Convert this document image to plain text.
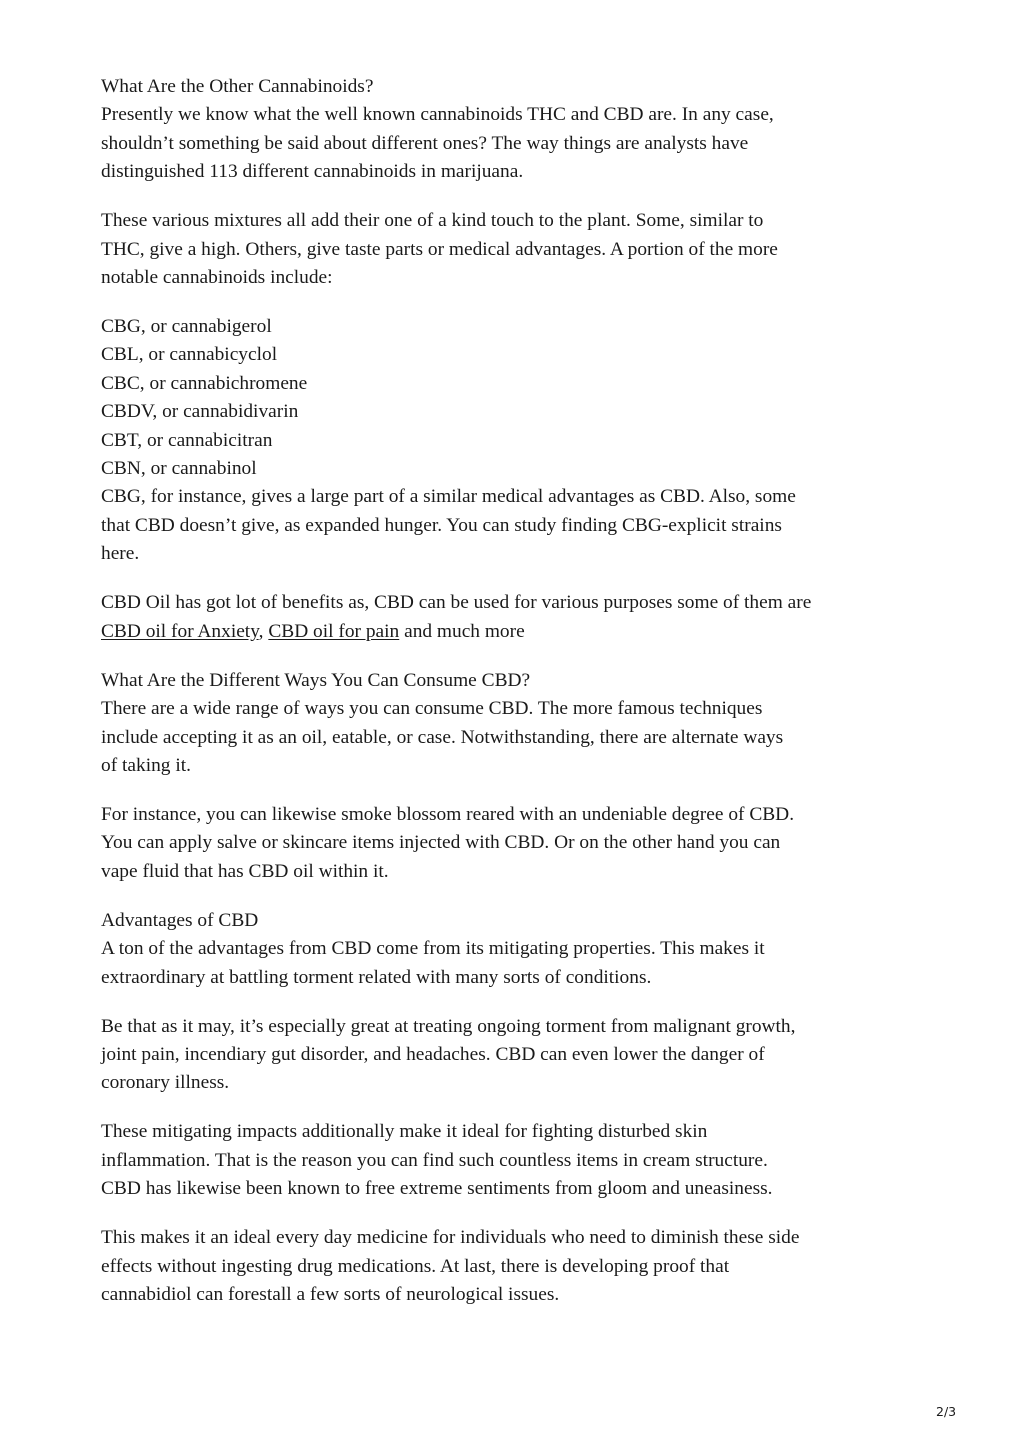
What Are the Other Cannabinoids?
Presently we know what the well known cannabinoids THC and CBD are. In any case,
shouldn’t something be said about different ones? The way things are analysts have
distinguished 113 different cannabinoids in marijuana.

These various mixtures all add their one of a kind touch to the plant. Some, similar to
THC, give a high. Others, give taste parts or medical advantages. A portion of the more
notable cannabinoids include:

CBG, or cannabigerol
CBL, or cannabicyclol
CBC, or cannabichromene
CBDV, or cannabidivarin
CBT, or cannabicitran
CBN, or cannabinol
CBG, for instance, gives a large part of a similar medical advantages as CBD. Also, some
that CBD doesn’t give, as expanded hunger. You can study finding CBG-explicit strains
here.

CBD Oil has got lot of benefits as, CBD can be used for various purposes some of them are
CBD oil for Anxiety, CBD oil for pain and much more

What Are the Different Ways You Can Consume CBD?
There are a wide range of ways you can consume CBD. The more famous techniques
include accepting it as an oil, eatable, or case. Notwithstanding, there are alternate ways
of taking it.

For instance, you can likewise smoke blossom reared with an undeniable degree of CBD.
You can apply salve or skincare items injected with CBD. Or on the other hand you can
vape fluid that has CBD oil within it.

Advantages of CBD
A ton of the advantages from CBD come from its mitigating properties. This makes it
extraordinary at battling torment related with many sorts of conditions.

Be that as it may, it’s especially great at treating ongoing torment from malignant growth,
joint pain, incendiary gut disorder, and headaches. CBD can even lower the danger of
coronary illness.

These mitigating impacts additionally make it ideal for fighting disturbed skin
inflammation. That is the reason you can find such countless items in cream structure.
CBD has likewise been known to free extreme sentiments from gloom and uneasiness.

This makes it an ideal every day medicine for individuals who need to diminish these side
effects without ingesting drug medications. At last, there is developing proof that
cannabidiol can forestall a few sorts of neurological issues.

2/3
